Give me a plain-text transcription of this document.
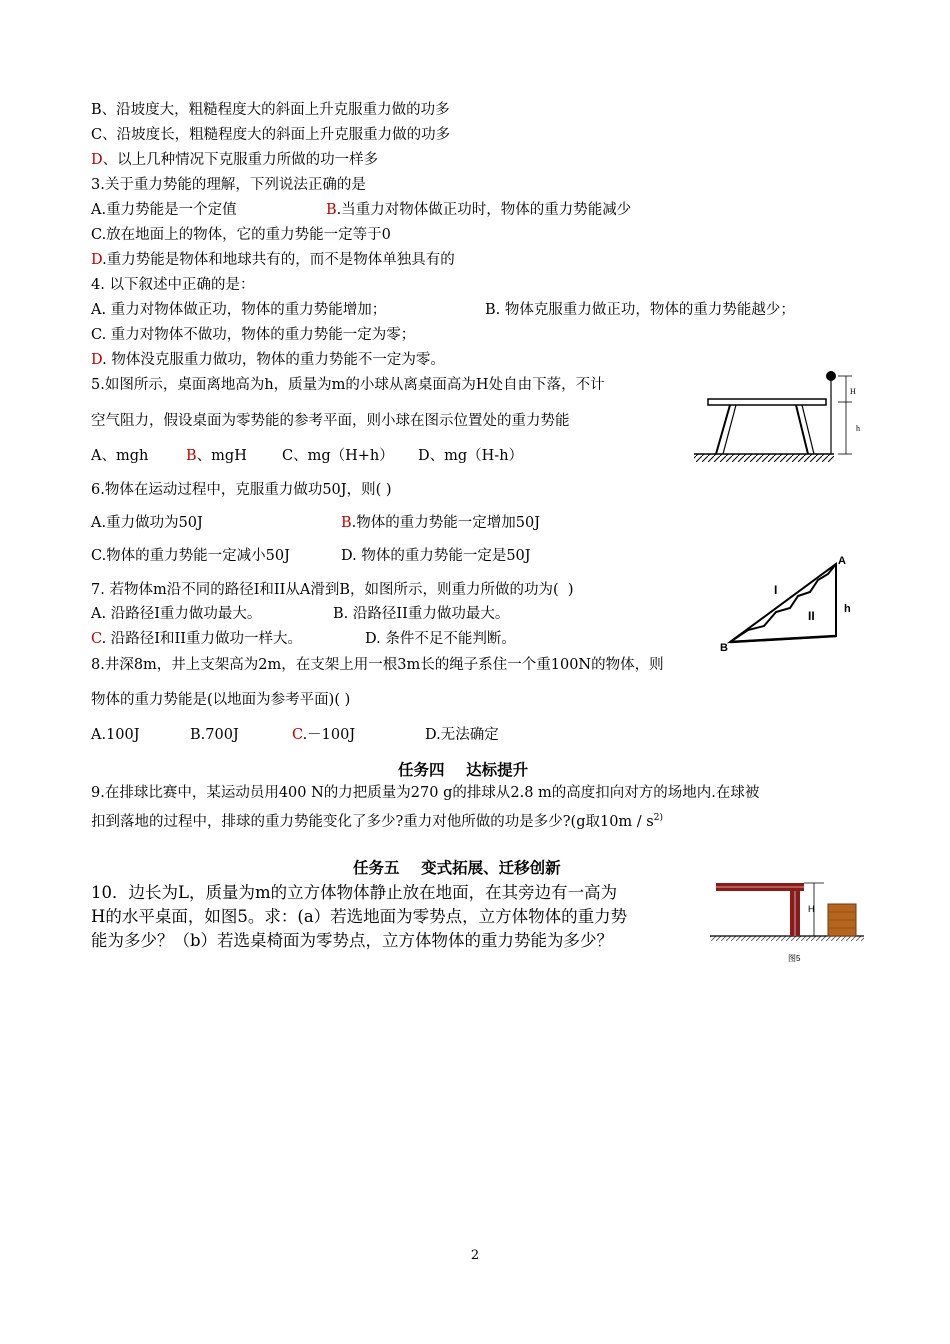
B、沿坡度大，粗糙程度大的斜面上升克服重力做的功多
C、沿坡度长，粗糙程度大的斜面上升克服重力做的功多
D、以上几种情况下克服重力所做的功一样多
3.关于重力势能的理解，下列说法正确的是
A.重力势能是一个定值	B.当重力对物体做正功时，物体的重力势能减少
C.放在地面上的物体，它的重力势能一定等于0
D.重力势能是物体和地球共有的，而不是物体单独具有的
4. 以下叙述中正确的是：
A. 重力对物体做正功，物体的重力势能增加；	B. 物体克服重力做正功，物体的重力势能越少；
C. 重力对物体不做功，物体的重力势能一定为零；
D. 物体没克服重力做功，物体的重力势能不一定为零。
5.如图所示，桌面离地高为h，质量为m的小球从离桌面高为H处自由下落，不计
空气阻力，假设桌面为零势能的参考平面，则小球在图示位置处的重力势能
A、mgh	B、mgH C、mg（H+h） D、mg（H-h）
H
h
6.物体在运动过程中，克服重力做功50J，则( )
A.重力做功为50J	B.物体的重力势能一定增加50J
C.物体的重力势能一定减小50J	D. 物体的重力势能一定是50J
7. 若物体m沿不同的路径I和II从A滑到B，如图所示，则重力所做的功为(  )
A. 沿路径I重力做功最大。	B. 沿路径II重力做功最大。
C. 沿路径I和II重力做功一样大。	D. 条件不足不能判断。
A
B
I
II	h
8.井深8m，井上支架高为2m，在支架上用一根3m长的绳子系住一个重100N的物体，则
物体的重力势能是(以地面为参考平面)( )
A.100J	B.700J	C.－100J	D.无法确定
任务四    达标提升
9.在排球比赛中，某运动员用400 N的力把质量为270 g的排球从2.8 m的高度扣向对方的场地内.在球被
扣到落地的过程中，排球的重力势能变化了多少?重力对他所做的功是多少?(g取$10m / s^{2)}$
任务五    变式拓展、迁移创新
10．边长为L，质量为m的立方体物体静止放在地面，在其旁边有一高为
H的水平桌面，如图5。求：(a）若选地面为零势点，立方体物体的重力势
能为多少？（b）若选桌椅面为零势点，立方体物体的重力势能为多少？
H
图5
2
